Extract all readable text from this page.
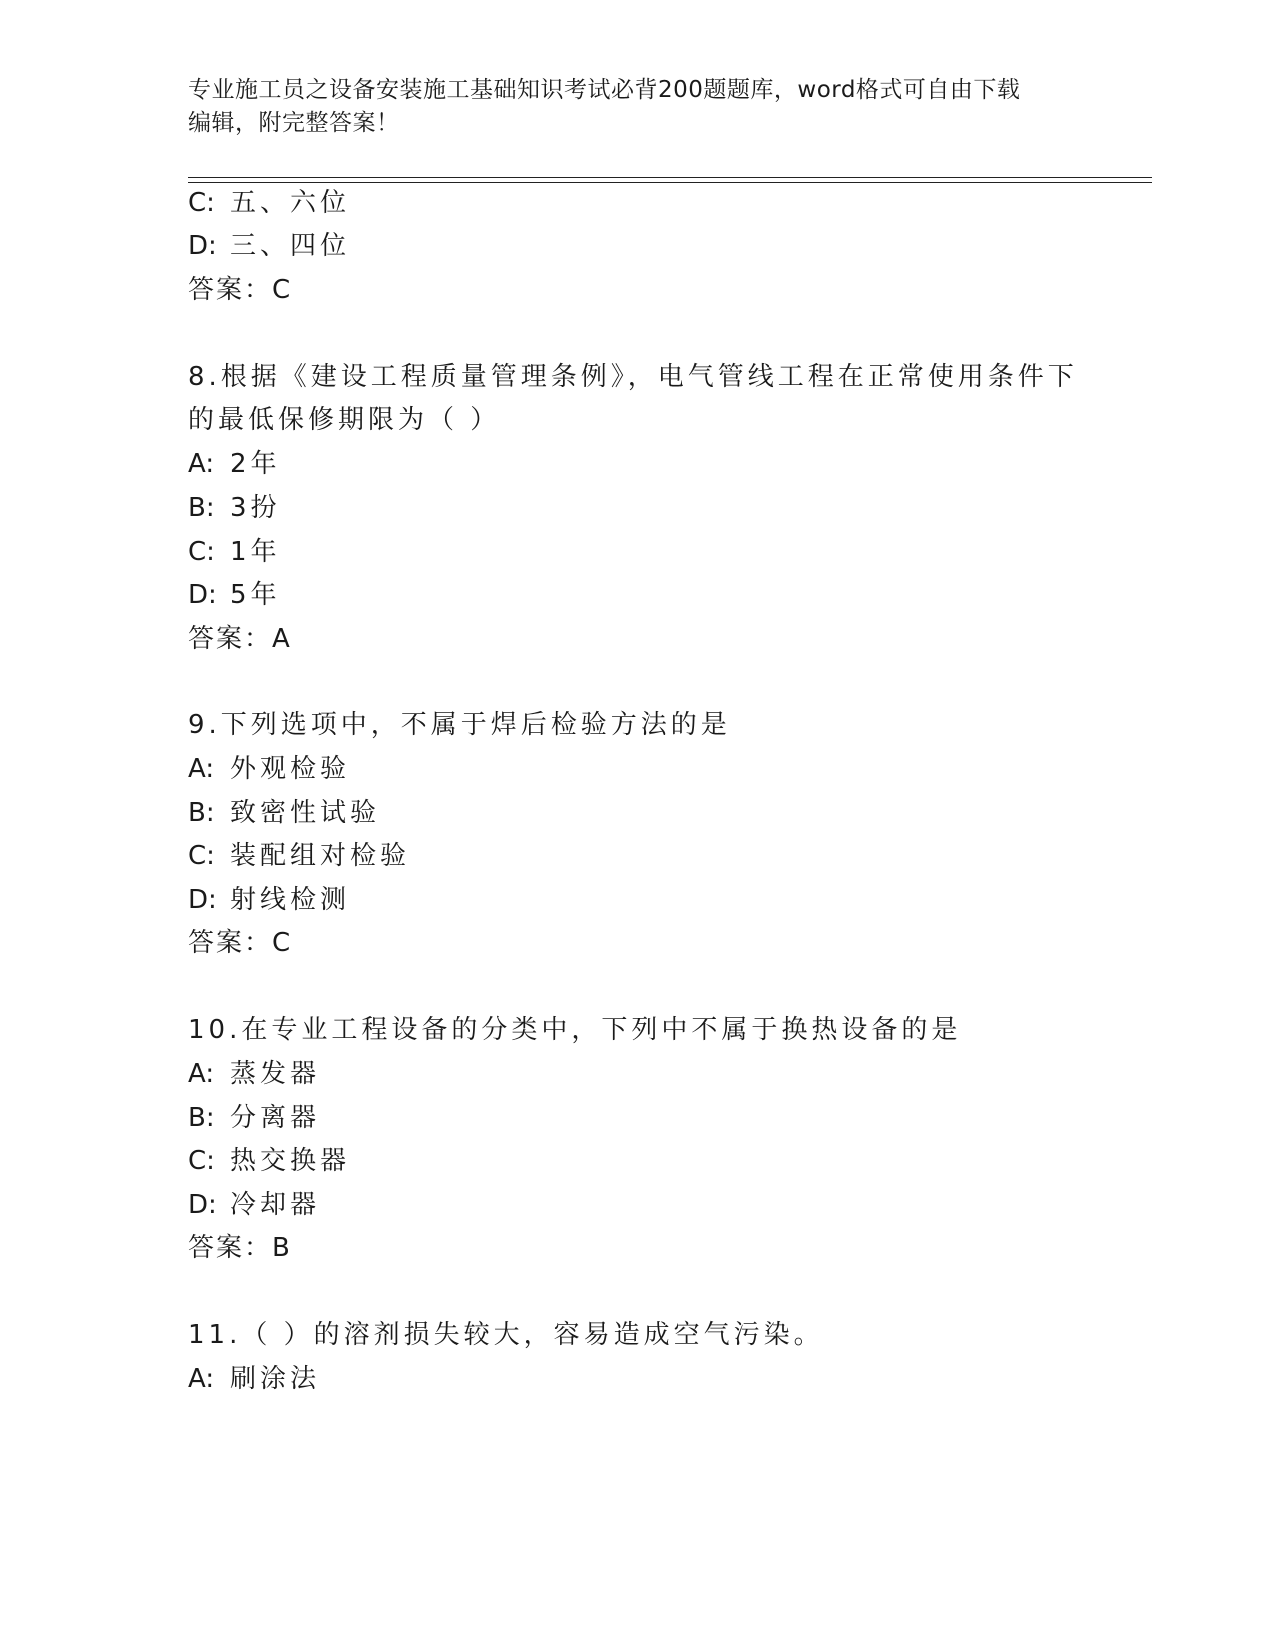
专业施工员之设备安装施工基础知识考试必背200题题库，word格式可自由下载
编辑，附完整答案！
C: 五、六位
D: 三、四位
答案：C
8.根据《建设工程质量管理条例》，电气管线工程在正常使用条件下
的最低保修期限为（ ）
A: 2年
B: 3扮
C: 1年
D: 5年
答案：A
9.下列选项中，不属于焊后检验方法的是
A: 外观检验
B: 致密性试验
C: 装配组对检验
D: 射线检测
答案：C
10.在专业工程设备的分类中，下列中不属于换热设备的是
A: 蒸发器
B: 分离器
C: 热交换器
D: 冷却器
答案：B
11.（ ）的溶剂损失较大，容易造成空气污染。
A: 刷涂法
